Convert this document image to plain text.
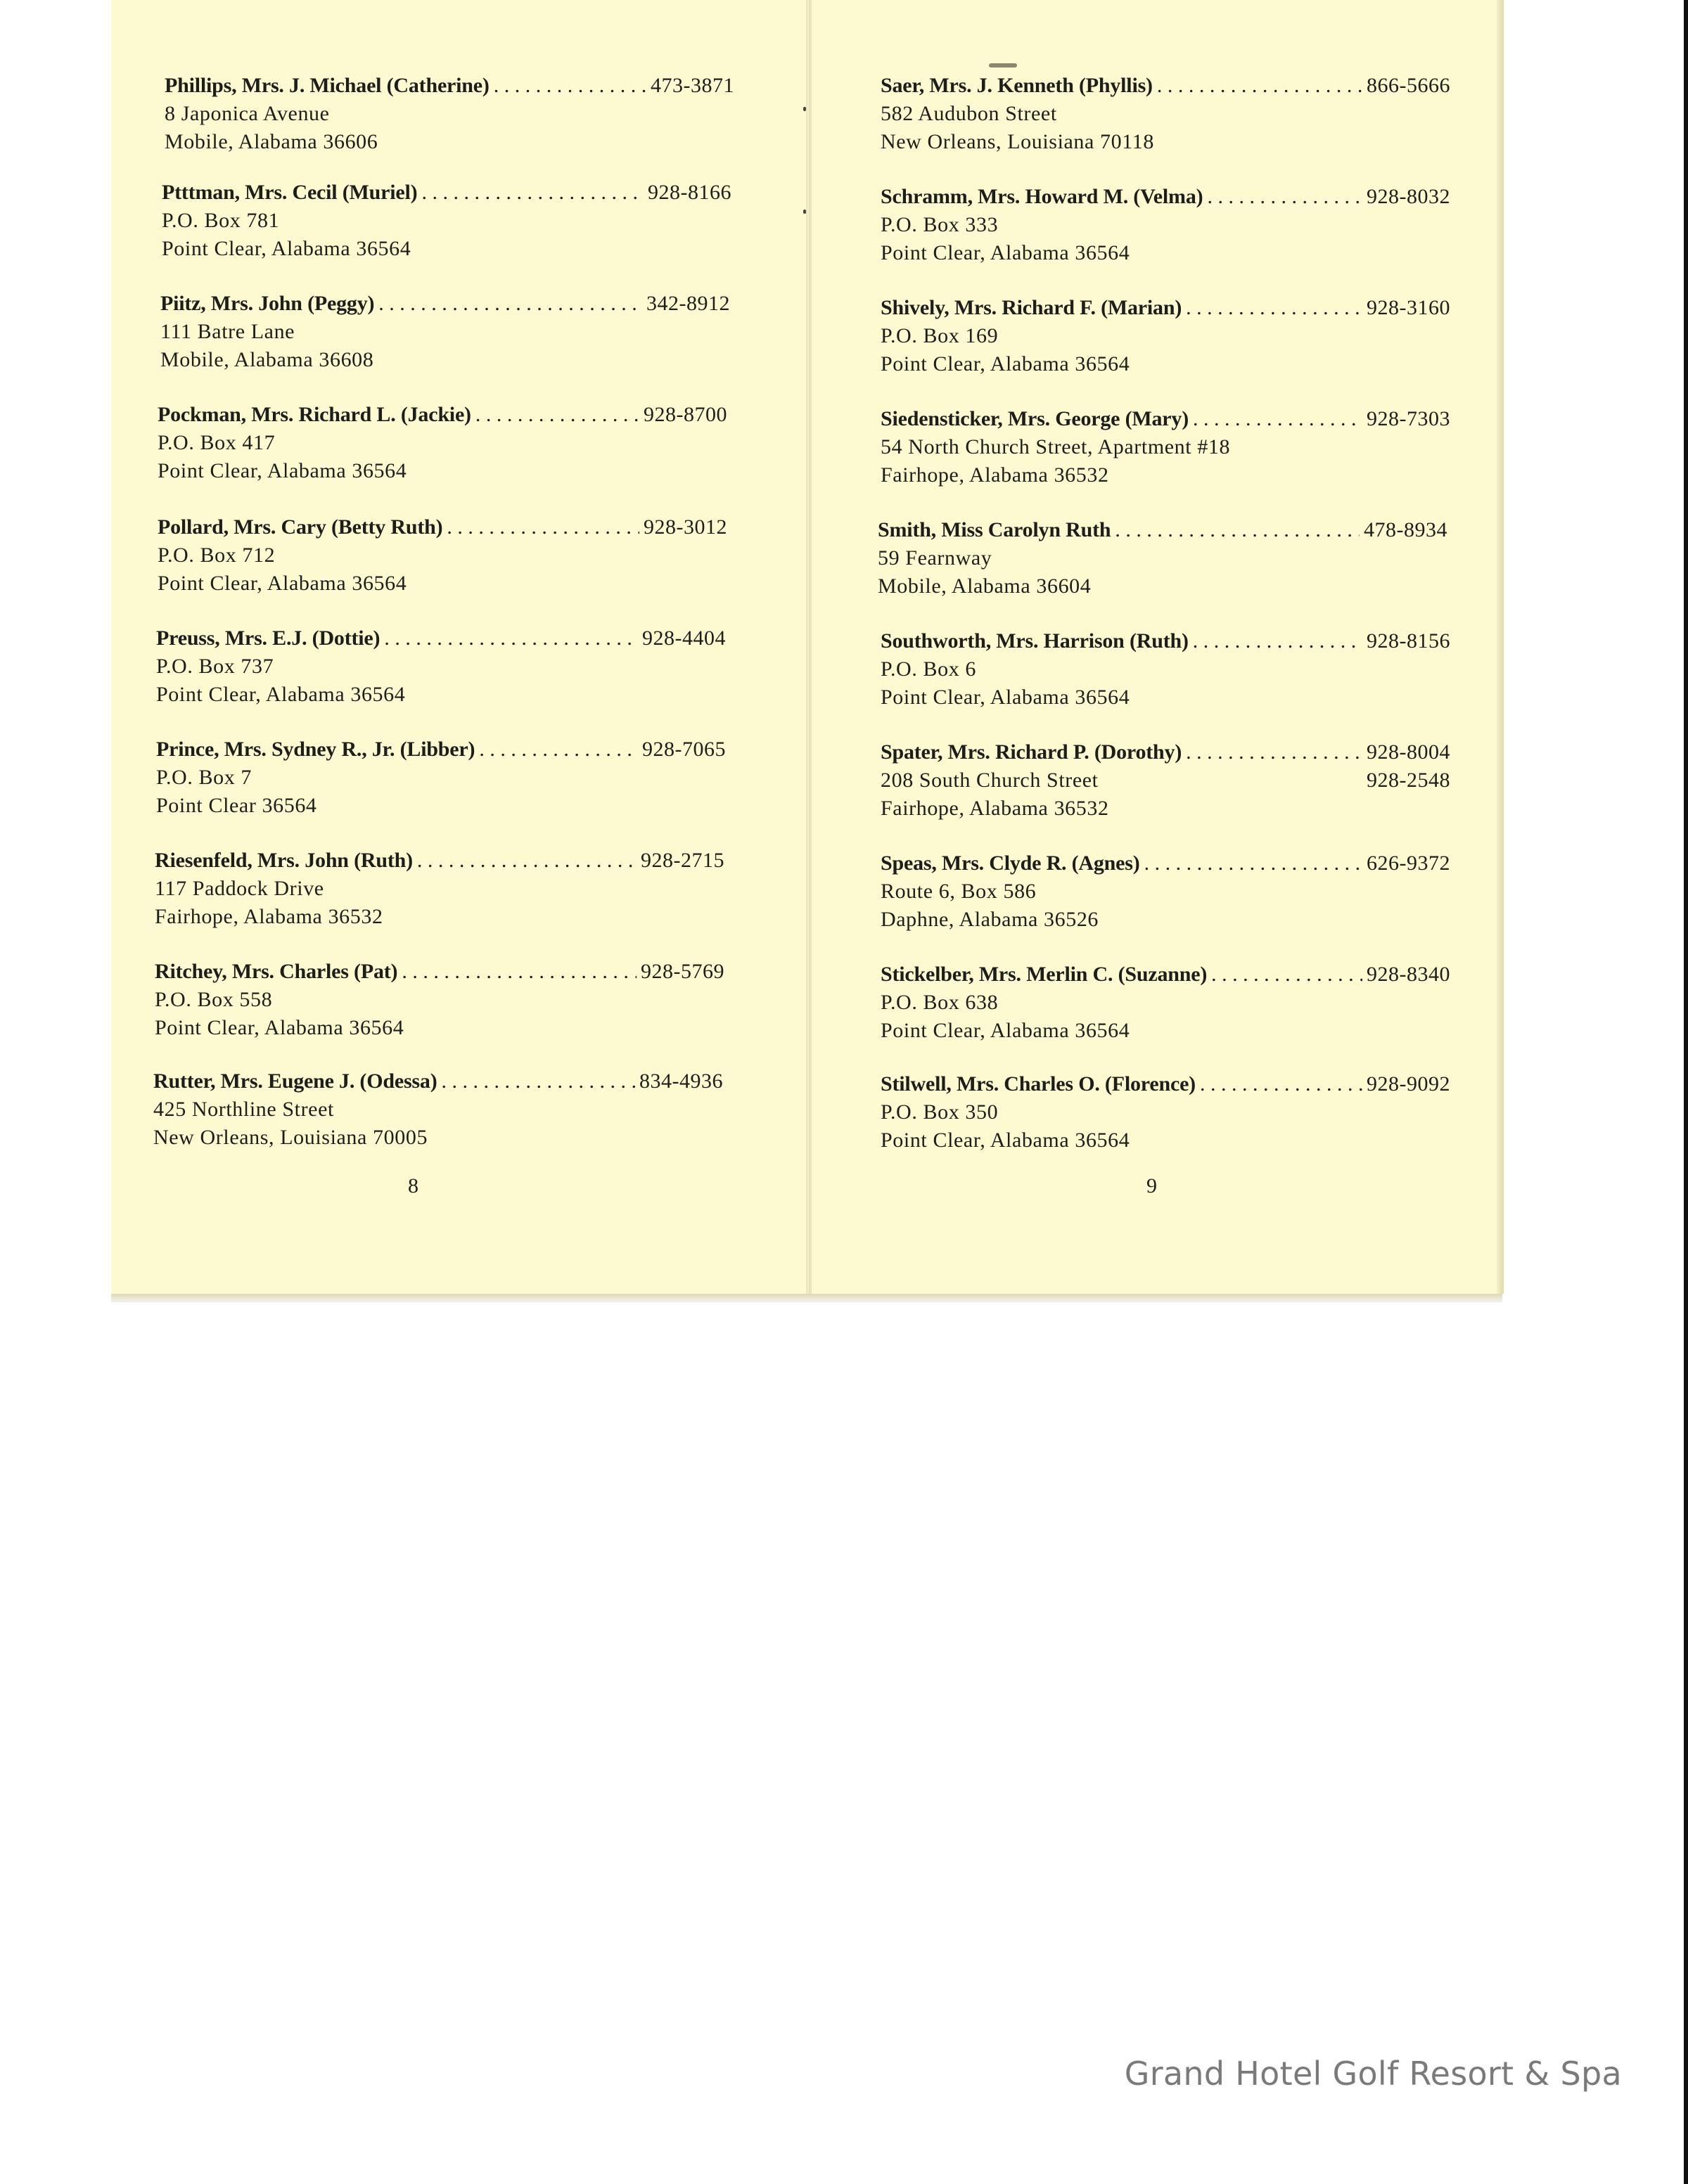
Phillips, Mrs. J. Michael (Catherine) . . .	473-3871
8 Japonica Avenue
Mobile, Alabama 36606
Ptttman, Mrs. Cecil (Muriel) . . .	928-8166
P.O. Box 781
Point Clear, Alabama 36564
Piitz, Mrs. John (Peggy) . . .	342-8912
111 Batre Lane
Mobile, Alabama 36608
Pockman, Mrs. Richard L. (Jackie) . . .	928-8700
P.O. Box 417
Point Clear, Alabama 36564
Pollard, Mrs. Cary (Betty Ruth) . . .	928-3012
P.O. Box 712
Point Clear, Alabama 36564
Preuss, Mrs. E.J. (Dottie) . . .	928-4404
P.O. Box 737
Point Clear, Alabama 36564
Prince, Mrs. Sydney R., Jr. (Libber) . . .	928-7065
P.O. Box 7
Point Clear 36564
Riesenfeld, Mrs. John (Ruth) . . .	928-2715
117 Paddock Drive
Fairhope, Alabama 36532
Ritchey, Mrs. Charles (Pat) . . .	928-5769
P.O. Box 558
Point Clear, Alabama 36564
Rutter, Mrs. Eugene J. (Odessa) . . .	834-4936
425 Northline Street
New Orleans, Louisiana 70005
8
Saer, Mrs. J. Kenneth (Phyllis) . . .	866-5666
582 Audubon Street
New Orleans, Louisiana 70118
Schramm, Mrs. Howard M. (Velma) . . .	928-8032
P.O. Box 333
Point Clear, Alabama 36564
Shively, Mrs. Richard F. (Marian) . . .	928-3160
P.O. Box 169
Point Clear, Alabama 36564
Siedensticker, Mrs. George (Mary) . . .	928-7303
54 North Church Street, Apartment #18
Fairhope, Alabama 36532
Smith, Miss Carolyn Ruth . . .	478-8934
59 Fearnway
Mobile, Alabama 36604
Southworth, Mrs. Harrison (Ruth) . . .	928-8156
P.O. Box 6
Point Clear, Alabama 36564
Spater, Mrs. Richard P. (Dorothy) . . .	928-8004
208 South Church Street	928-2548
Fairhope, Alabama 36532
Speas, Mrs. Clyde R. (Agnes) . . .	626-9372
Route 6, Box 586
Daphne, Alabama 36526
Stickelber, Mrs. Merlin C. (Suzanne) . . .	928-8340
P.O. Box 638
Point Clear, Alabama 36564
Stilwell, Mrs. Charles O. (Florence) . . .	928-9092
P.O. Box 350
Point Clear, Alabama 36564
9
Grand Hotel Golf Resort & Spa
